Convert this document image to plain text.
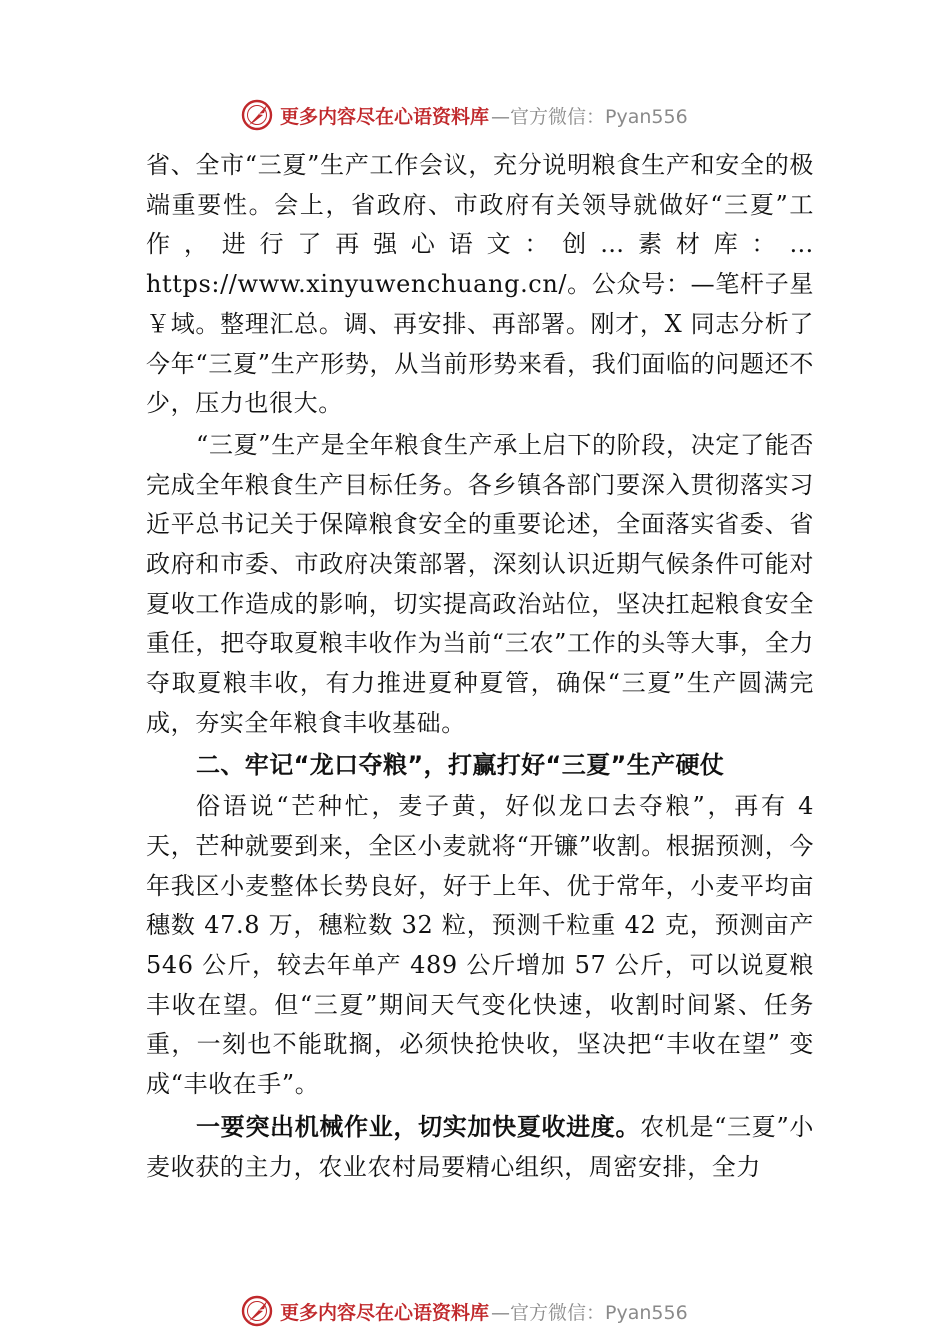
更多内容尽在心语资料库 —官方微信：Pyan556

省、全市“三夏”生产工作会议，充分说明粮食生产和安全的极端重要性。会上，省政府、市政府有关领导就做好“三夏”工作，进行了再强心语文：创…素材库：…https://www.xinyuwenchuang.cn/。公众号：—笔杆子星￥域。整理汇总。调、再安排、再部署。刚才，X 同志分析了今年“三夏”生产形势，从当前形势来看，我们面临的问题还不少，压力也很大。

“三夏”生产是全年粮食生产承上启下的阶段，决定了能否完成全年粮食生产目标任务。各乡镇各部门要深入贯彻落实习近平总书记关于保障粮食安全的重要论述，全面落实省委、省政府和市委、市政府决策部署，深刻认识近期气候条件可能对夏收工作造成的影响，切实提高政治站位，坚决扛起粮食安全重任，把夺取夏粮丰收作为当前“三农”工作的头等大事，全力夺取夏粮丰收，有力推进夏种夏管，确保“三夏”生产圆满完成，夯实全年粮食丰收基础。

二、牢记“龙口夺粮”，打赢打好“三夏”生产硬仗

俗语说“芒种忙，麦子黄，好似龙口去夺粮”，再有 4 天，芒种就要到来，全区小麦就将“开镰”收割。根据预测，今 年我区小麦整体长势良好，好于上年、优于常年，小麦平均亩穗数 47.8 万，穗粒数 32 粒，预测千粒重 42 克，预测亩产546 公斤，较去年单产 489 公斤增加 57 公斤，可以说夏粮丰收在望。但“三夏”期间天气变化快速，收割时间紧、任务重，一刻也不能耽搁，必须快抢快收，坚决把“丰收在望” 变成“丰收在手”。

一要突出机械作业，切实加快夏收进度。农机是“三夏”小麦收获的主力，农业农村局要精心组织，周密安排，全力

更多内容尽在心语资料库 —官方微信：Pyan556
